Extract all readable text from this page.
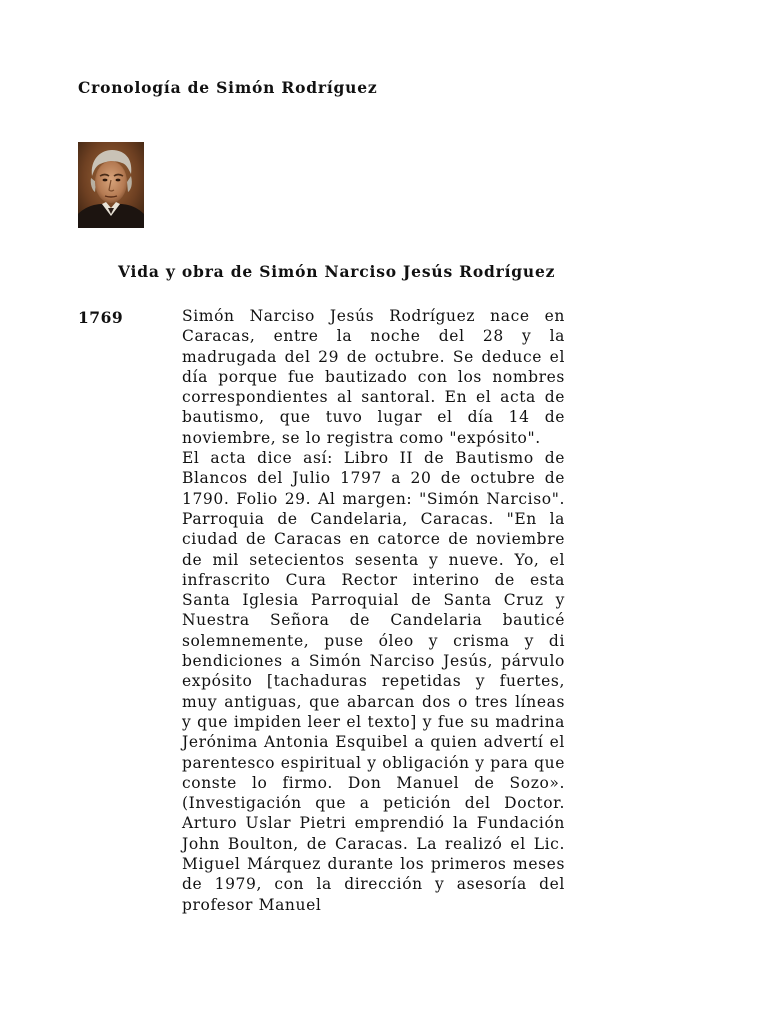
Cronología de Simón Rodríguez
Vida y obra de Simón Narciso Jesús Rodríguez
1769	Simón Narciso Jesús Rodríguez nace en Caracas, entre la noche del 28 y la madrugada del 29 de octubre. Se deduce el día porque fue bautizado con los nombres correspondientes al santoral. En el acta de bautismo, que tuvo lugar el día 14 de noviembre, se lo registra como "expósito".

El acta dice así: Libro II de Bautismo de Blancos del Julio 1797 a 20 de octubre de 1790. Folio 29. Al margen: "Simón Narciso". Parroquia de Candelaria, Caracas. "En la ciudad de Caracas en catorce de noviembre de mil setecientos sesenta y nueve. Yo, el infrascrito Cura Rector interino de esta Santa Iglesia Parroquial de Santa Cruz y Nuestra Señora de Candelaria bauticé solemnemente, puse óleo y crisma y di bendiciones a Simón Narciso Jesús, párvulo expósito [tachaduras repetidas y fuertes, muy antiguas, que abarcan dos o tres líneas y que impiden leer el texto] y fue su madrina Jerónima Antonia Esquibel a quien advertí el parentesco espiritual y obligación y para que conste lo firmo. Don Manuel de Sozo». (Investigación que a petición del Doctor. Arturo Uslar Pietri emprendió la Fundación John Boulton, de Caracas. La realizó el Lic. Miguel Márquez durante los primeros meses de 1979, con la dirección y asesoría del profesor Manuel
